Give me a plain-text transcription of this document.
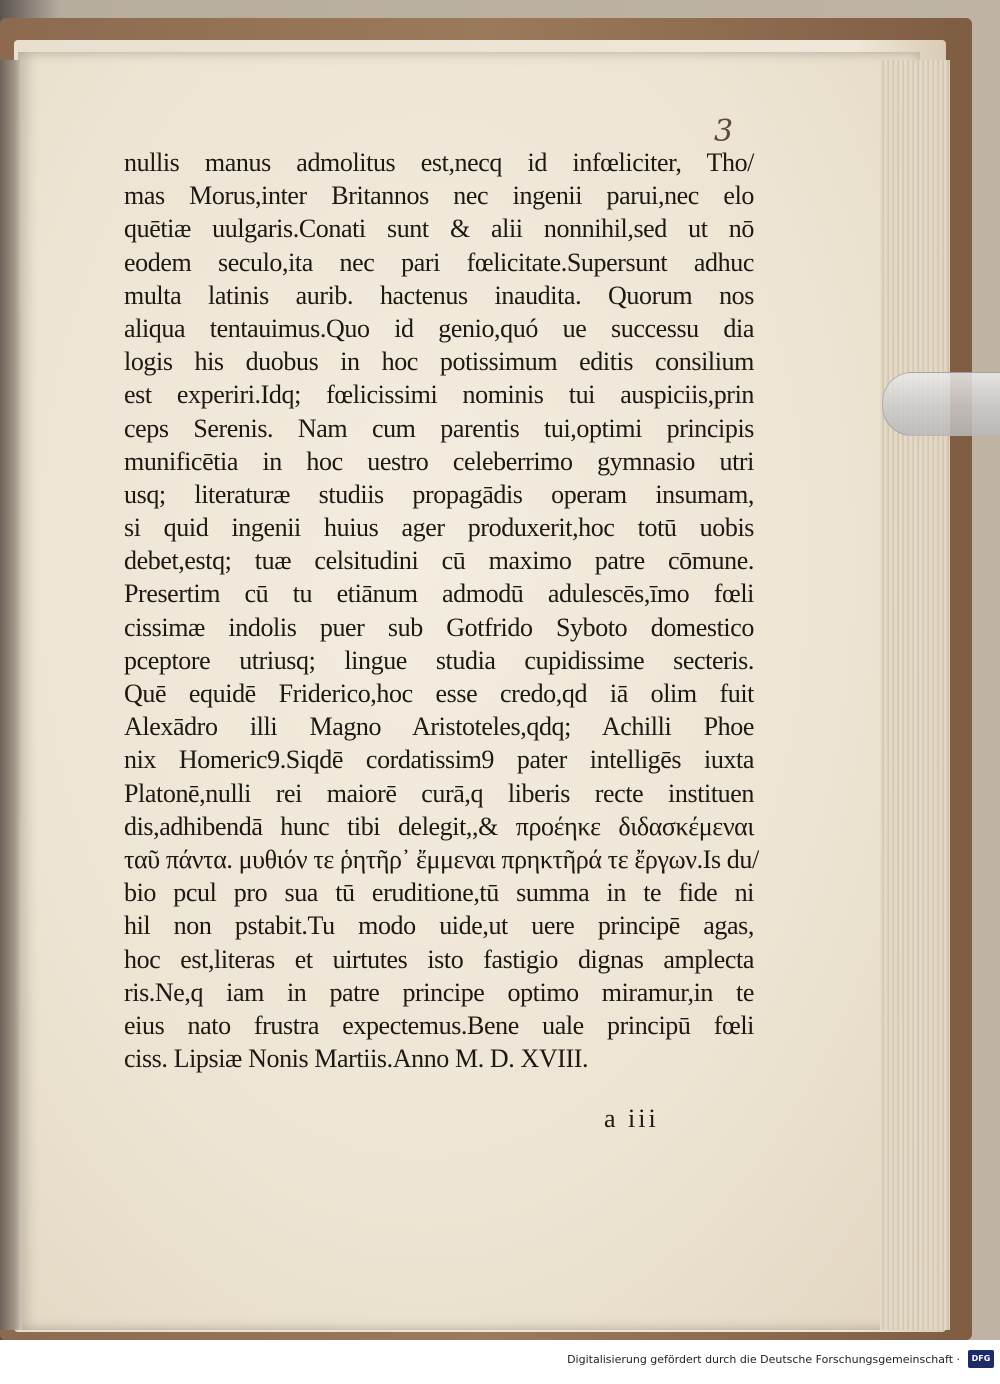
3
nullis manus admolitus est,necq id infœliciter, Tho/
mas Morus,inter Britannos nec ingenii parui,nec elo
quētiæ uulgaris.Conati sunt & alii nonnihil,sed ut nō
eodem seculo,ita nec pari fœlicitate.Supersunt adhuc
multa latinis aurib. hactenus inaudita. Quorum nos
aliqua tentauimus.Quo id genio,quó ue successu dia
logis his duobus in hoc potissimum editis consilium
est experiri.Idq; fœlicissimi nominis tui auspiciis,prin
ceps Serenis. Nam cum parentis tui,optimi principis
munificētia in hoc uestro celeberrimo gymnasio utri
usq; literaturæ studiis propagādis operam insumam,
si quid ingenii huius ager produxerit,hoc totū uobis
debet,estq; tuæ celsitudini cū maximo patre cōmune.
Presertim cū tu etiānum admodū adulescēs,īmo fœli
cissimæ indolis puer sub Gotfrido Syboto domestico
pceptore utriusq; lingue studia cupidissime secteris.
Quē equidē Friderico,hoc esse credo,qd iā olim fuit
Alexādro illi Magno Aristoteles,qdq; Achilli Phoe
nix Homeric9.Siqdē cordatissim9 pater intelligēs iuxta
Platonē,nulli rei maiorē curā,q liberis recte instituen
dis,adhibendā hunc tibi delegit,,& προέηκε διδασκέμεναι
ταῦ πάντα. μυθιόν τε ῥητῆρ᾽ ἔμμεναι πρηκτῆρά τε ἔργων.Is du/
bio pcul pro sua tū eruditione,tū summa in te fide ni
hil non pstabit.Tu modo uide,ut uere principē agas,
hoc est,literas et uirtutes isto fastigio dignas amplecta
ris.Ne,q iam in patre principe optimo miramur,in te
eius nato frustra expectemus.Bene uale principū fœli
ciss. Lipsiæ Nonis Martiis.Anno M. D. XVIII.
a iii
Digitalisierung gefördert durch die Deutsche Forschungsgemeinschaft ·	DFG
